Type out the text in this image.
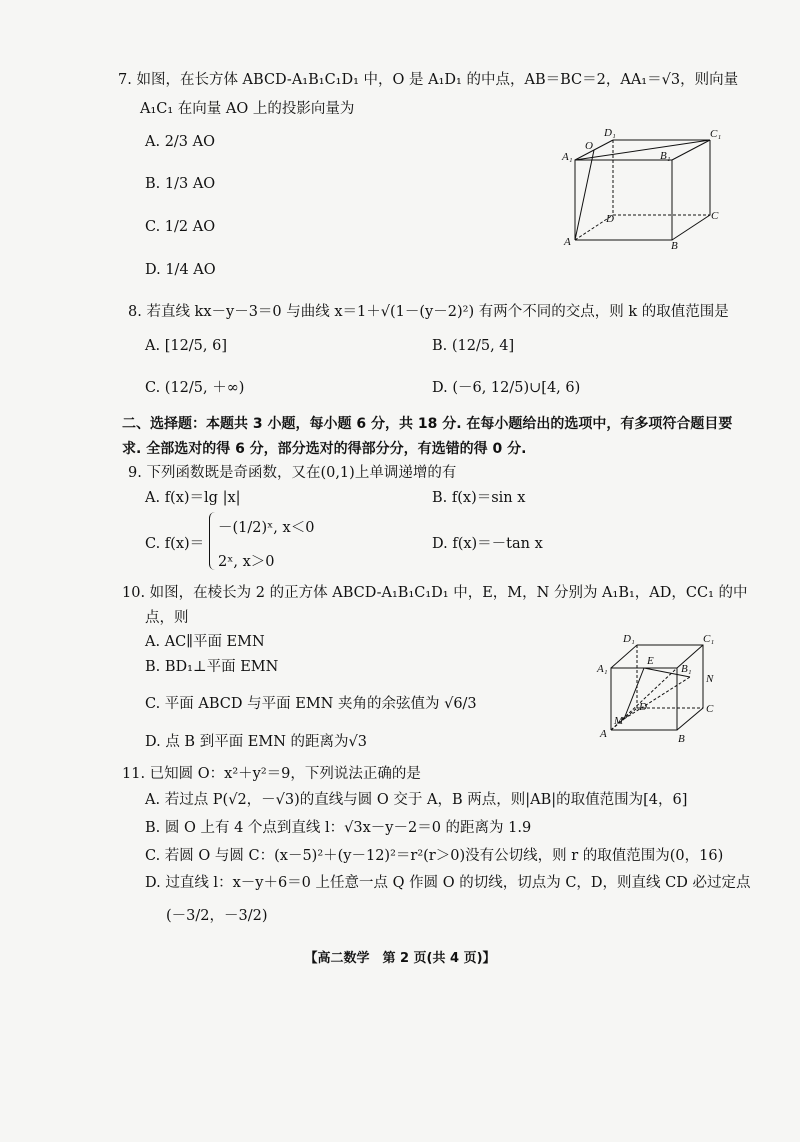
7. 如图，在长方体 ABCD-A₁B₁C₁D₁ 中，O 是 A₁D₁ 的中点，AB＝BC＝2，AA₁＝√3，则向量
A₁C₁ 在向量 AO 上的投影向量为
A. 2/3 AO
B. 1/3 AO
C. 1/2 AO
D. 1/4 AO
D₁	C₁
A₁
O
B₁
D	C
A	B
8. 若直线 kx－y－3＝0 与曲线 x＝1＋√(1－(y－2)²) 有两个不同的交点，则 k 的取值范围是
A. [12/5, 6]	B. (12/5, 4]
C. (12/5, ＋∞)	D. (－6, 12/5)∪[4, 6)
二、选择题：本题共 3 小题，每小题 6 分，共 18 分. 在每小题给出的选项中，有多项符合题目要
求. 全部选对的得 6 分，部分选对的得部分分，有选错的得 0 分.
9. 下列函数既是奇函数，又在(0,1)上单调递增的有
A. f(x)＝lg |x|	B. f(x)＝sin x
C. f(x)＝
－(1/2)ˣ, x＜0
2ˣ, x＞0
D. f(x)＝－tan x
10. 如图，在棱长为 2 的正方体 ABCD-A₁B₁C₁D₁ 中，E，M，N 分别为 A₁B₁，AD，CC₁ 的中
点，则
A. AC∥平面 EMN
B. BD₁⊥平面 EMN
C. 平面 ABCD 与平面 EMN 夹角的余弦值为 √6/3
D. 点 B 到平面 EMN 的距离为√3
D₁	C₁
A₁
E
B₁
N
D	C
M
A	B
11. 已知圆 O：x²＋y²＝9，下列说法正确的是
A. 若过点 P(√2，－√3)的直线与圆 O 交于 A，B 两点，则|AB|的取值范围为[4，6]
B. 圆 O 上有 4 个点到直线 l：√3x－y－2＝0 的距离为 1.9
C. 若圆 O 与圆 C：(x－5)²＋(y－12)²＝r²(r＞0)没有公切线，则 r 的取值范围为(0，16)
D. 过直线 l：x－y＋6＝0 上任意一点 Q 作圆 O 的切线，切点为 C，D，则直线 CD 必过定点
(－3/2，－3/2)
【高二数学　第 2 页(共 4 页)】
